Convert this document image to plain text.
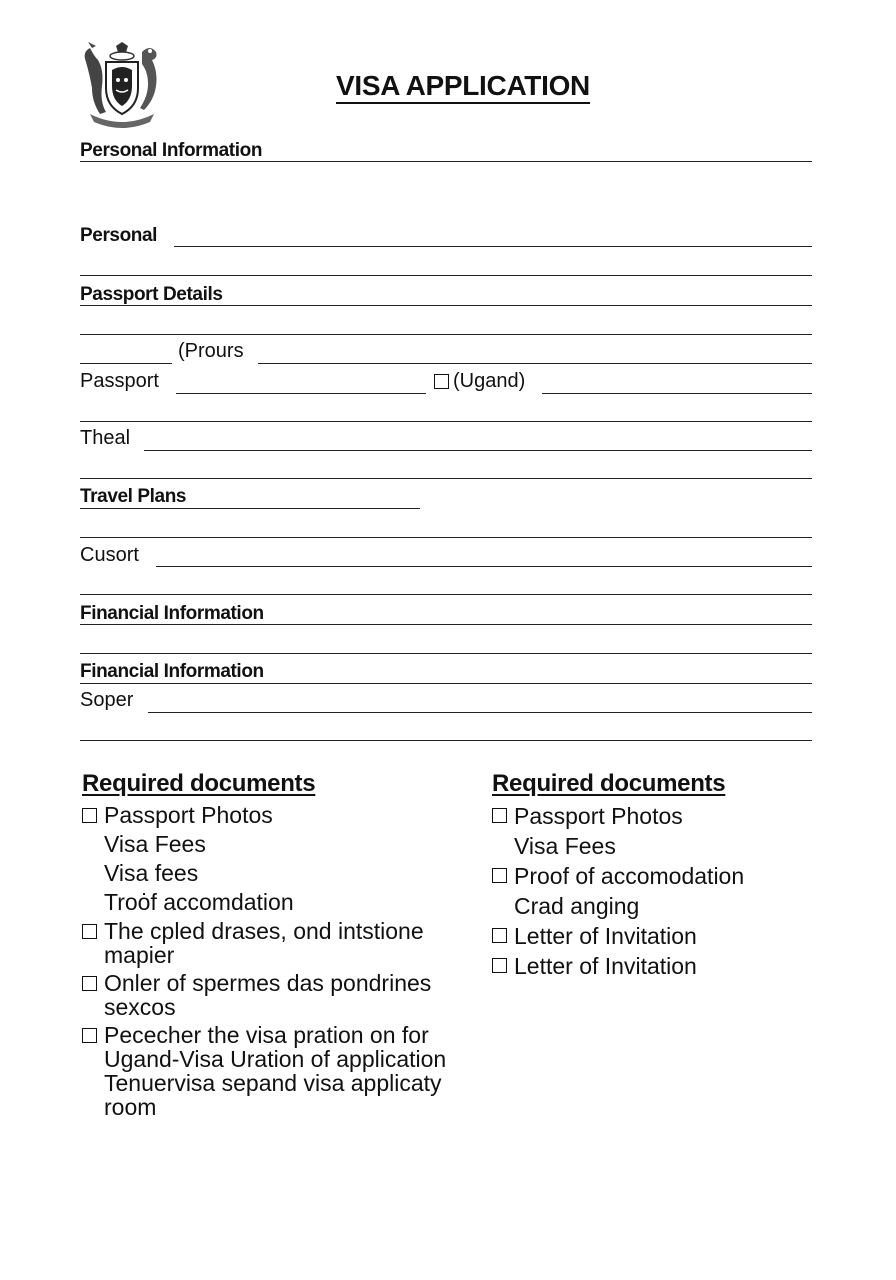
VISA APPLICATION
Personal Information
Personal
Passport Details
(Prours
Passport	(Ugand)
Theal
Travel Plans
Cusort
Financial Information
Financial Information
Soper
Required documents
Passport Photos
Visa Fees
Visa fees
Troȯf accomdation
The cpled drases, ond intstione
mapier
Onler of spermes das pondrines
sexcos
Pececher the visa pration on for
Ugand-Visa Uration of application
Tenuervisa sepand visa applicaty
room
Required documents
Passport Photos
Visa Fees
Proof of accomodation
Crad anging
Letter of Invitation
Letter of Invitation
